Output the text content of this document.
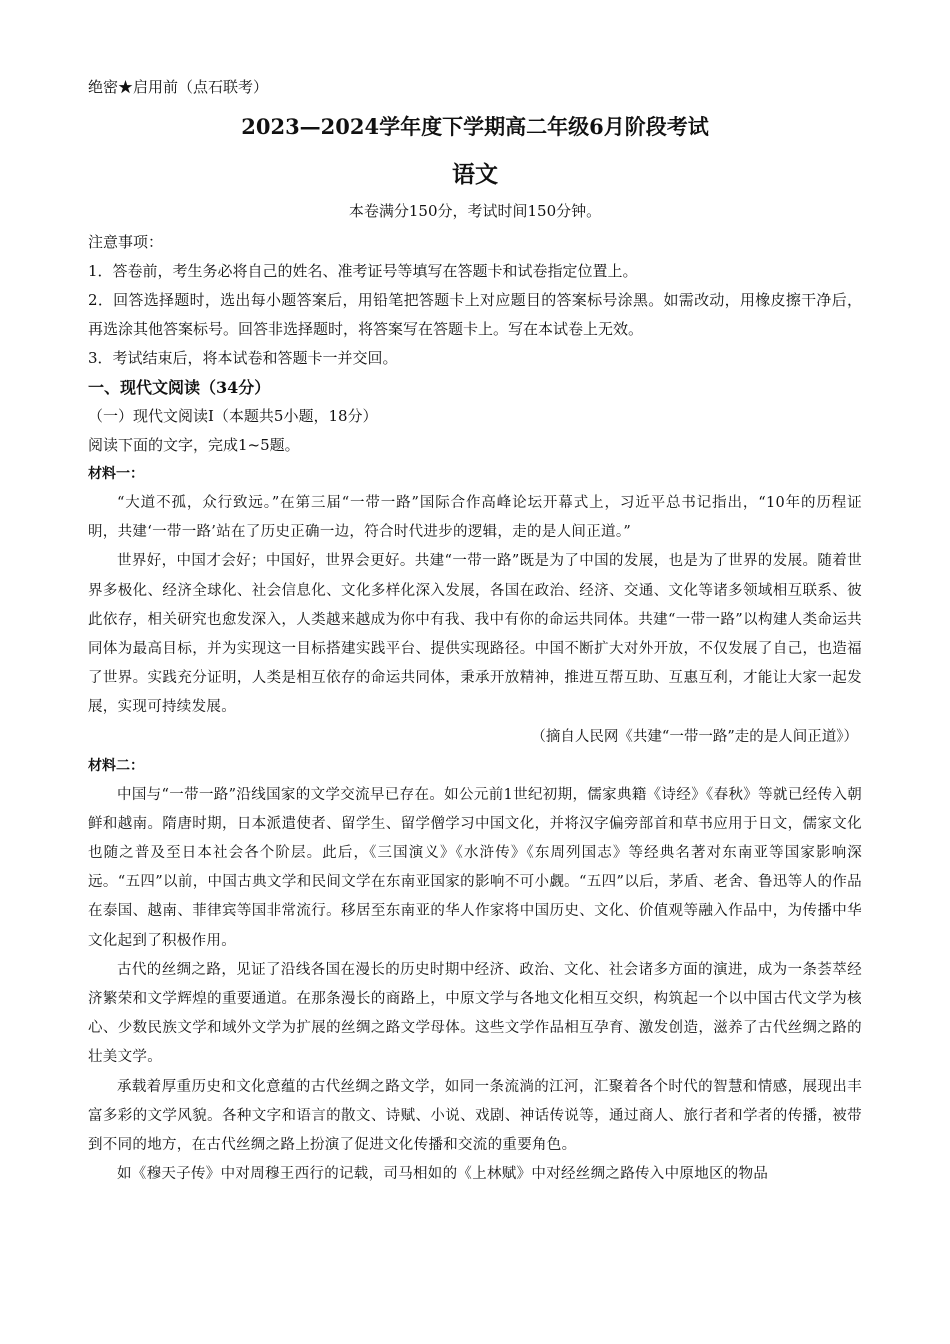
绝密★启用前（点石联考）

2023—2024学年度下学期高二年级6月阶段考试

语文

本卷满分150分，考试时间150分钟。

注意事项：

1．答卷前，考生务必将自己的姓名、准考证号等填写在答题卡和试卷指定位置上。

2．回答选择题时，选出每小题答案后，用铅笔把答题卡上对应题目的答案标号涂黑。如需改动，用橡皮擦干净后，再选涂其他答案标号。回答非选择题时，将答案写在答题卡上。写在本试卷上无效。

3．考试结束后，将本试卷和答题卡一并交回。

一、现代文阅读（34分）

（一）现代文阅读Ⅰ（本题共5小题，18分）

阅读下面的文字，完成1~5题。

材料一：

“大道不孤，众行致远。”在第三届“一带一路”国际合作高峰论坛开幕式上，习近平总书记指出，“10年的历程证明，共建‘一带一路’站在了历史正确一边，符合时代进步的逻辑，走的是人间正道。”

世界好，中国才会好；中国好，世界会更好。共建“一带一路”既是为了中国的发展，也是为了世界的发展。随着世界多极化、经济全球化、社会信息化、文化多样化深入发展，各国在政治、经济、交通、文化等诸多领域相互联系、彼此依存，相关研究也愈发深入，人类越来越成为你中有我、我中有你的命运共同体。共建“一带一路”以构建人类命运共同体为最高目标，并为实现这一目标搭建实践平台、提供实现路径。中国不断扩大对外开放，不仅发展了自己，也造福了世界。实践充分证明，人类是相互依存的命运共同体，秉承开放精神，推进互帮互助、互惠互利，才能让大家一起发展，实现可持续发展。

（摘自人民网《共建“一带一路”走的是人间正道》）

材料二：

中国与“一带一路”沿线国家的文学交流早已存在。如公元前1世纪初期，儒家典籍《诗经》《春秋》等就已经传入朝鲜和越南。隋唐时期，日本派遣使者、留学生、留学僧学习中国文化，并将汉字偏旁部首和草书应用于日文，儒家文化也随之普及至日本社会各个阶层。此后，《三国演义》《水浒传》《东周列国志》等经典名著对东南亚等国家影响深远。“五四”以前，中国古典文学和民间文学在东南亚国家的影响不可小觑。“五四”以后，茅盾、老舍、鲁迅等人的作品在泰国、越南、菲律宾等国非常流行。移居至东南亚的华人作家将中国历史、文化、价值观等融入作品中，为传播中华文化起到了积极作用。

古代的丝绸之路，见证了沿线各国在漫长的历史时期中经济、政治、文化、社会诸多方面的演进，成为一条荟萃经济繁荣和文学辉煌的重要通道。在那条漫长的商路上，中原文学与各地文化相互交织，构筑起一个以中国古代文学为核心、少数民族文学和域外文学为扩展的丝绸之路文学母体。这些文学作品相互孕育、激发创造，滋养了古代丝绸之路的壮美文学。

承载着厚重历史和文化意蕴的古代丝绸之路文学，如同一条流淌的江河，汇聚着各个时代的智慧和情感，展现出丰富多彩的文学风貌。各种文字和语言的散文、诗赋、小说、戏剧、神话传说等，通过商人、旅行者和学者的传播，被带到不同的地方，在古代丝绸之路上扮演了促进文化传播和交流的重要角色。

如《穆天子传》中对周穆王西行的记载，司马相如的《上林赋》中对经丝绸之路传入中原地区的物品
